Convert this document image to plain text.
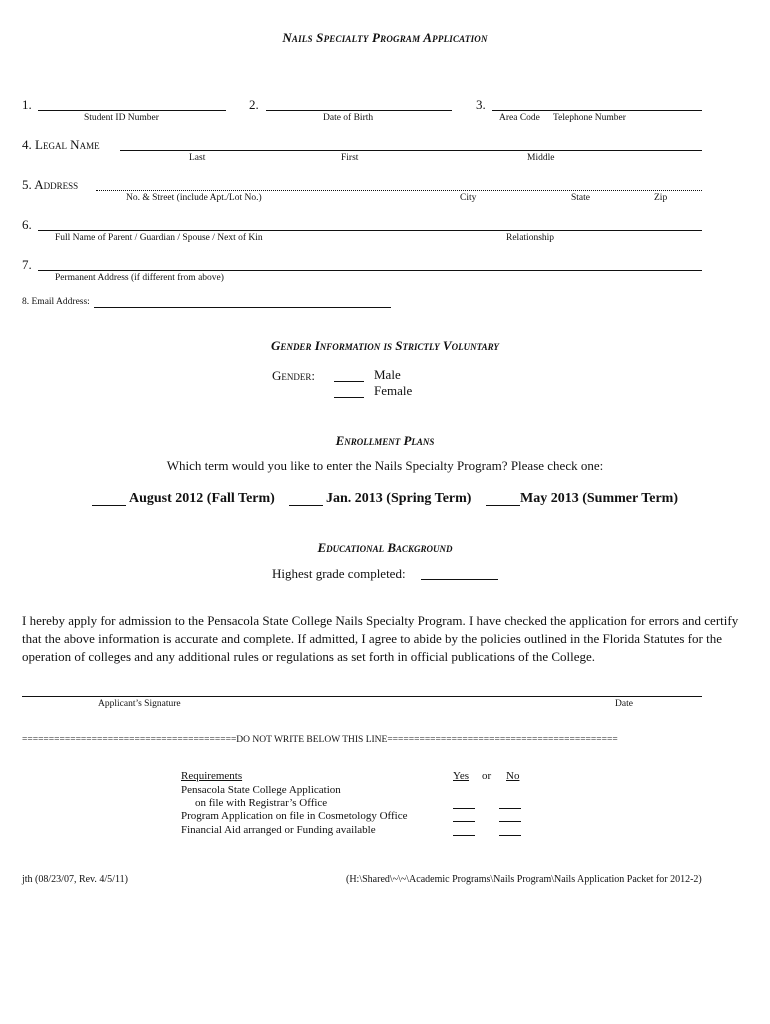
Nails Specialty Program Application
1.
Student ID Number
2.
Date of Birth
3.
Area Code Telephone Number
4. Legal Name
Last	First	Middle
5. Address
No. & Street (include Apt./Lot No.)	City	State	Zip
6.
Full Name of Parent / Guardian / Spouse / Next of Kin	Relationship
7.
Permanent Address (if different from above)
8. Email Address:
Gender Information is Strictly Voluntary
Gender:	Male
Female
Enrollment Plans
Which term would you like to enter the Nails Specialty Program? Please check one:
August 2012 (Fall Term)	Jan. 2013 (Spring Term)	May 2013 (Summer Term)
Educational Background
Highest grade completed:
I hereby apply for admission to the Pensacola State College Nails Specialty Program. I have checked the application for errors and certify that the above information is accurate and complete. If admitted, I agree to abide by the policies outlined in the Florida Statutes for the operation of colleges and any additional rules or regulations as set forth in official publications of the College.
Applicant’s Signature	Date
========================================DO NOT WRITE BELOW THIS LINE===========================================
Requirements	Yes or No
Pensacola State College Application
on file with Registrar’s Office
Program Application on file in Cosmetology Office
Financial Aid arranged or Funding available
jth (08/23/07, Rev. 4/5/11)	(H:\Shared\~\~\Academic Programs\Nails Program\Nails Application Packet for 2012-2)
